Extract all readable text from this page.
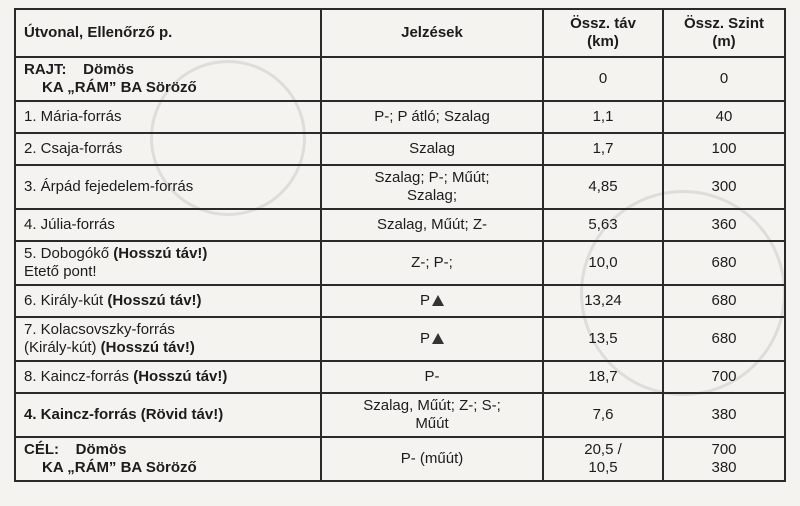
Útvonal, Ellenőrző p.	Jelzések	Össz. táv
(km)	Össz. Szint
(m)
RAJT:    Dömös
KA „RÁM” BA Söröző		0	0
1. Mária-forrás	P-; P átló; Szalag	1,1	40
2. Csaja-forrás	Szalag	1,7	100
3. Árpád fejedelem-forrás	Szalag; P-; Műút;
Szalag;	4,85	300
4. Júlia-forrás	Szalag, Műút; Z-	5,63	360
5. Dobogókő (Hosszú táv!)
Etető pont!	Z-; P-;	10,0	680
6. Király-kút (Hosszú táv!)	P	13,24	680
7. Kolacsovszky-forrás
(Király-kút) (Hosszú táv!)	P	13,5	680
8. Kaincz-forrás (Hosszú táv!)	P-	18,7	700
4. Kaincz-forrás (Rövid táv!)	Szalag, Műút; Z-; S-;
Műút	7,6	380
CÉL:    Dömös
KA „RÁM” BA Söröző	P- (műút)	20,5 /
10,5	700
380
